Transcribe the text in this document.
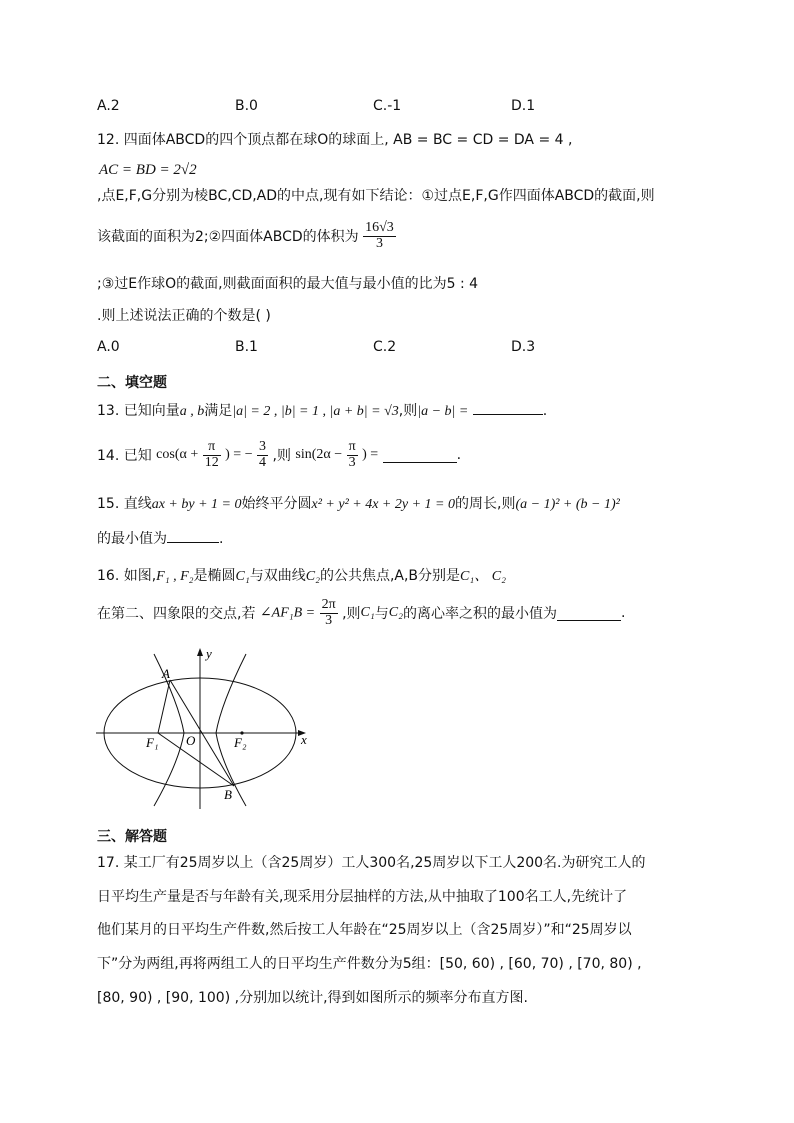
A.2	B.0	C.-1	D.1
12. 四面体ABCD的四个顶点都在球O的球面上, AB = BC = CD = DA = 4 ,
AC = BD = 2√2
,点E,F,G分别为棱BC,CD,AD的中点,现有如下结论：①过点E,F,G作四面体ABCD的截面,则
该截面的面积为2;②四面体ABCD的体积为 $\frac{16√3}{3}$
;③过E作球O的截面,则截面面积的最大值与最小值的比为5 : 4
.则上述说法正确的个数是( )
A.0	B.1	C.2	D.3
二、填空题
13. 已知向量a , b满足|a| = 2 , |b| = 1 , |a + b| = √3,则|a − b| =	.
14. 已知 $\cos(\alpha + \frac{\pi}{12}$ ) = − $\frac{3}{4}$ ,则 $\sin(2\alpha - \frac{\pi}{3}$ ) =	.
15. 直线ax + by + 1 = 0始终平分圆x² + y² + 4x + 2y + 1 = 0的周长,则(a − 1)² + (b − 1)²
的最小值为	.
16. 如图,F₁ , F₂是椭圆C₁与双曲线C₂的公共焦点,A,B分别是C₁、 C₂
在第二、四象限的交点,若 ∠AF₁B = $\frac{2\pi}{3}$ ,则C₁与C₂的离心率之积的最小值为	.
y
x
A
B
O
F₁	F₂
三、解答题
17. 某工厂有25周岁以上（含25周岁）工人300名,25周岁以下工人200名.为研究工人的
日平均生产量是否与年龄有关,现采用分层抽样的方法,从中抽取了100名工人,先统计了
他们某月的日平均生产件数,然后按工人年龄在“25周岁以上（含25周岁）”和“25周岁以
下”分为两组,再将两组工人的日平均生产件数分为5组：[50, 60) , [60, 70) , [70, 80) ,
[80, 90) , [90, 100) ,分别加以统计,得到如图所示的频率分布直方图.
